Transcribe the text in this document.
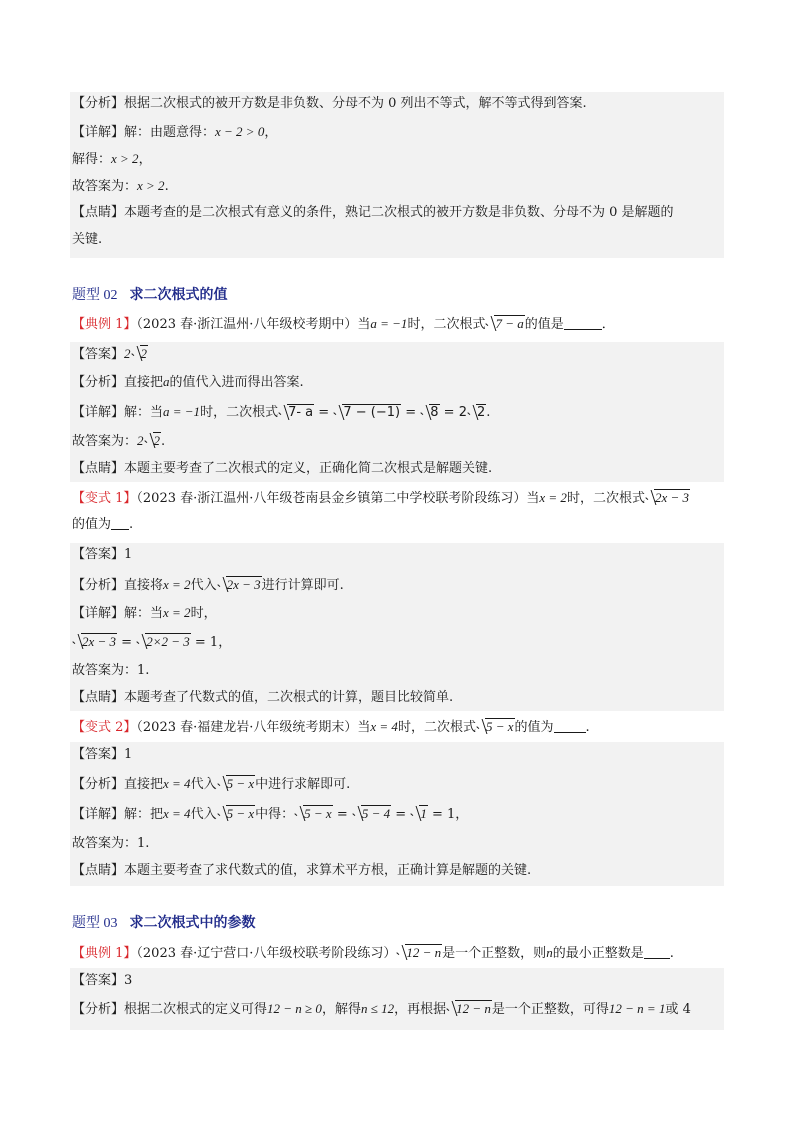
【分析】根据二次根式的被开方数是非负数、分母不为 0 列出不等式，解不等式得到答案.
【详解】解：由题意得：x − 2 > 0，
解得：x > 2，
故答案为：x > 2.
【点睛】本题考查的是二次根式有意义的条件，熟记二次根式的被开方数是非负数、分母不为 0 是解题的
关键.
题型 02 求二次根式的值
【典例 1】（2023 春·浙江温州·八年级校考期中）当a = −1时，二次根式 7 − a的值是	．
【答案】2 2
【分析】直接把a的值代入进而得出答案.
【详解】解：当a = −1时，二次根式 7- a = 7 − (−1) = 8 = 2 2.
故答案为：2 2.
【点睛】本题主要考查了二次根式的定义，正确化简二次根式是解题关键.
【变式 1】（2023 春·浙江温州·八年级苍南县金乡镇第二中学校联考阶段练习）当x = 2时，二次根式 2x − 3
的值为 .
【答案】1
【分析】直接将x = 2代入 2x − 3进行计算即可.
【详解】解：当x = 2时，
2x − 3 = 2×2 − 3 = 1，
故答案为：1.
【点睛】本题考查了代数式的值，二次根式的计算，题目比较简单.
【变式 2】（2023 春·福建龙岩·八年级统考期末）当x = 4时，二次根式 5 − x的值为 .
【答案】1
【分析】直接把x = 4代入 5 − x中进行求解即可.
【详解】解：把x = 4代入 5 − x中得： 5 − x = 5 − 4 = 1 = 1，
故答案为：1.
【点睛】本题主要考查了求代数式的值，求算术平方根，正确计算是解题的关键.
题型 03 求二次根式中的参数
【典例 1】（2023 春·辽宁营口·八年级校联考阶段练习） 12 − n是一个正整数，则n的最小正整数是 .
【答案】3
【分析】根据二次根式的定义可得12 − n ≥ 0，解得n ≤ 12，再根据 12 − n是一个正整数，可得12 − n = 1或 4
